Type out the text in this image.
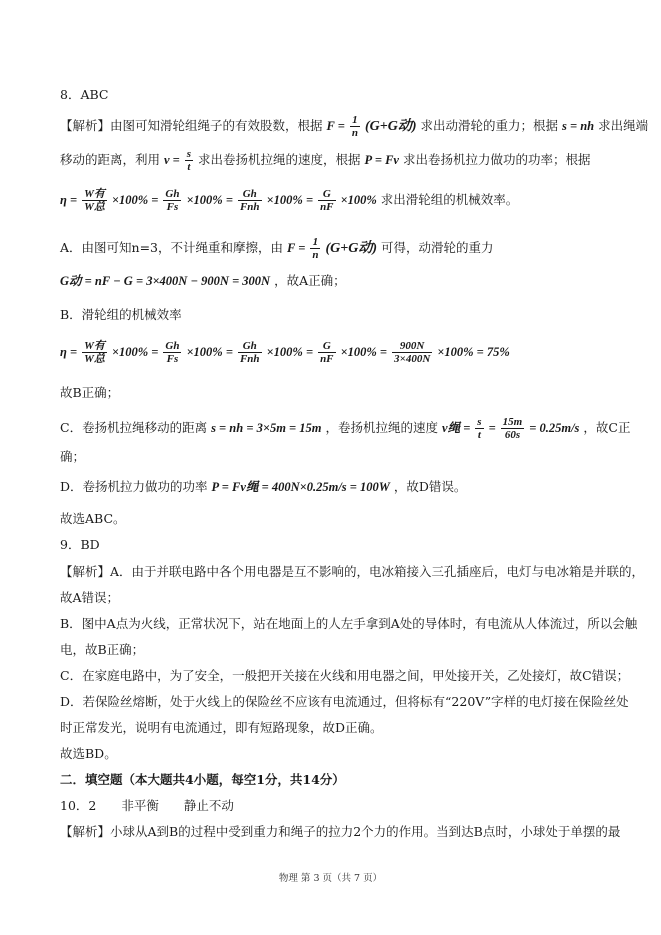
8．ABC
【解析】由图可知滑轮组绳子的有效股数，根据 $F = \frac{1}{n} (G+G$动) 求出动滑轮的重力；根据 s = nh 求出绳端
移动的距离，利用 $v = \frac{s}{t}$ 求出卷扬机拉绳的速度，根据 P = Fv 求出卷扬机拉力做功的功率；根据
$\eta = \frac{\text{W有}}{\text{W总}} \times 100\% = \frac{Gh}{Fs} \times 100\% = \frac{Gh}{\text{Fnh}} \times 100\% = \frac{G}{nF} \times 100\%$ 求出滑轮组的机械效率。
A．由图可知n=3，不计绳重和摩擦，由 $F = \frac{1}{n} (G+G$动) 可得，动滑轮的重力
G动 = nF − G = 3×400N − 900N = 300N ，故A正确；
B．滑轮组的机械效率
$\eta = \frac{\text{W有}}{\text{W总}} \times 100\% = \frac{Gh}{Fs} \times 100\% = \frac{Gh}{\text{Fnh}} \times 100\% = \frac{G}{nF} \times 100\% = \frac{900N}{3\times 400N} \times 100\% = 75\%$
故B正确；
C．卷扬机拉绳移动的距离 s = nh = 3×5m = 15m ，卷扬机拉绳的速度 v绳 = $\frac{s}{t} = \frac{15m}{60s} = 0.25m/s$ ，故C正
确；
D．卷扬机拉力做功的功率 P = Fv绳 = 400N×0.25m/s = 100W ，故D错误。
故选ABC。
9．BD
【解析】A．由于并联电路中各个用电器是互不影响的，电冰箱接入三孔插座后，电灯与电冰箱是并联的，
故A错误；
B．图中A点为火线，正常状况下，站在地面上的人左手拿到A处的导体时，有电流从人体流过，所以会触
电，故B正确；
C．在家庭电路中，为了安全，一般把开关接在火线和用电器之间，甲处接开关，乙处接灯，故C错误；
D．若保险丝熔断，处于火线上的保险丝不应该有电流通过，但将标有“220V”字样的电灯接在保险丝处
时正常发光，说明有电流通过，即有短路现象，故D正确。
故选BD。
二．填空题（本大题共4小题，每空1分，共14分）
10．2　　非平衡　　静止不动
【解析】小球从A到B的过程中受到重力和绳子的拉力2个力的作用。当到达B点时，小球处于单摆的最
物理 第 3 页（共 7 页）
